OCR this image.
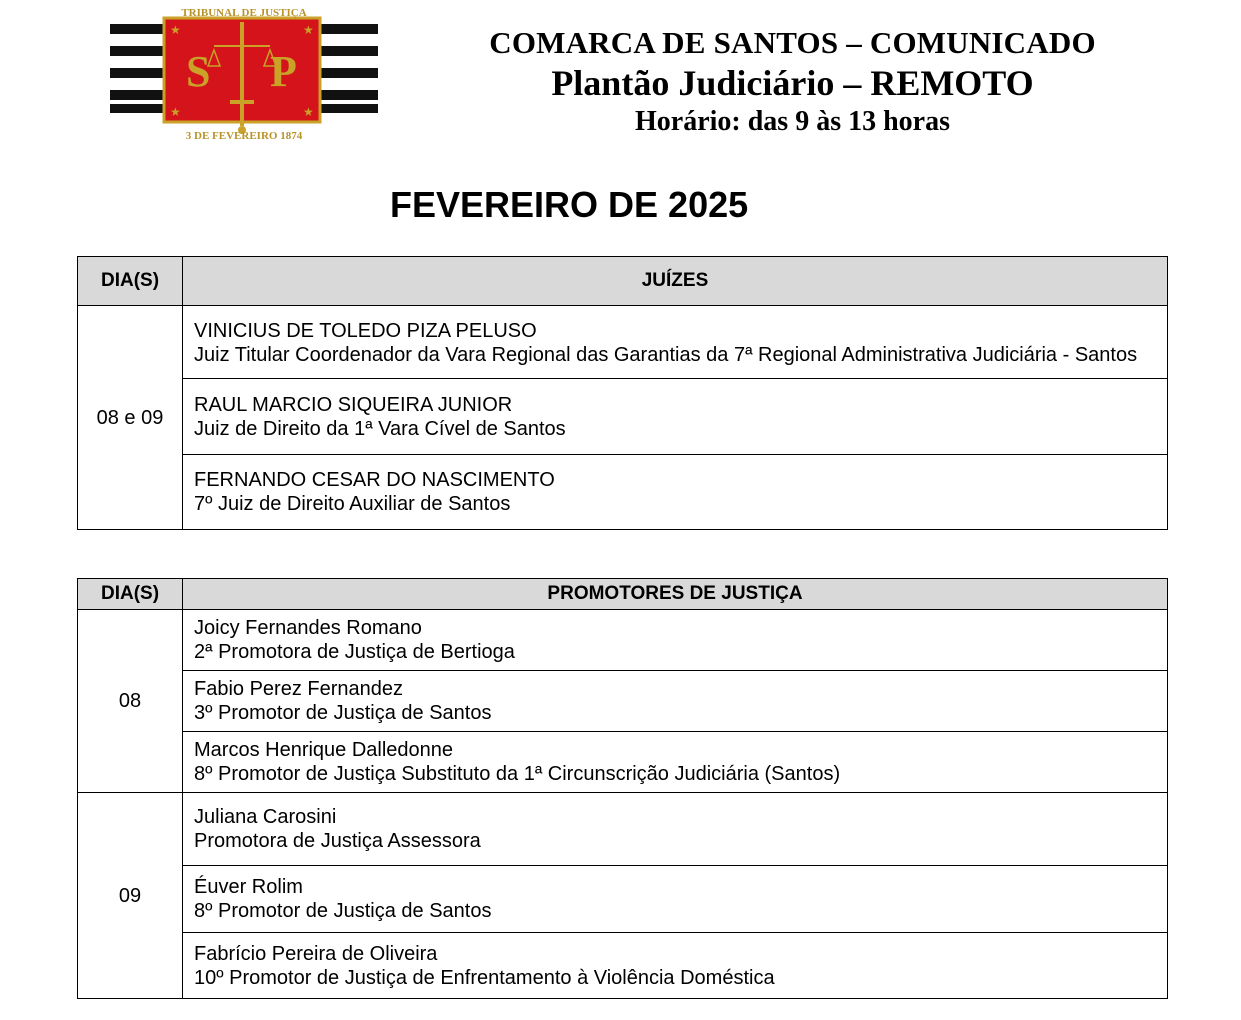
★	★
★	★
S P
TRIBUNAL DE JUSTIÇA
3 DE FEVEREIRO 1874
COMARCA DE SANTOS – COMUNICADO
Plantão Judiciário – REMOTO
Horário: das 9 às 13 horas
FEVEREIRO DE 2025
DIA(S)	JUÍZES
08 e 09	VINICIUS DE TOLEDO PIZA PELUSO
Juiz Titular Coordenador da Vara Regional das Garantias da 7ª Regional Administrativa Judiciária - Santos

	RAUL MARCIO SIQUEIRA JUNIOR
Juiz de Direito da 1ª Vara Cível de Santos

	FERNANDO CESAR DO NASCIMENTO
7º Juiz de Direito Auxiliar de Santos
DIA(S)	PROMOTORES DE JUSTIÇA
08	Joicy Fernandes Romano
2ª Promotora de Justiça de Bertioga

	Fabio Perez Fernandez
3º Promotor de Justiça de Santos

	Marcos Henrique Dalledonne
8º Promotor de Justiça Substituto da 1ª Circunscrição Judiciária (Santos)

09	Juliana Carosini
Promotora de Justiça Assessora

	Éuver Rolim
8º Promotor de Justiça de Santos

	Fabrício Pereira de Oliveira
10º Promotor de Justiça de Enfrentamento à Violência Doméstica
